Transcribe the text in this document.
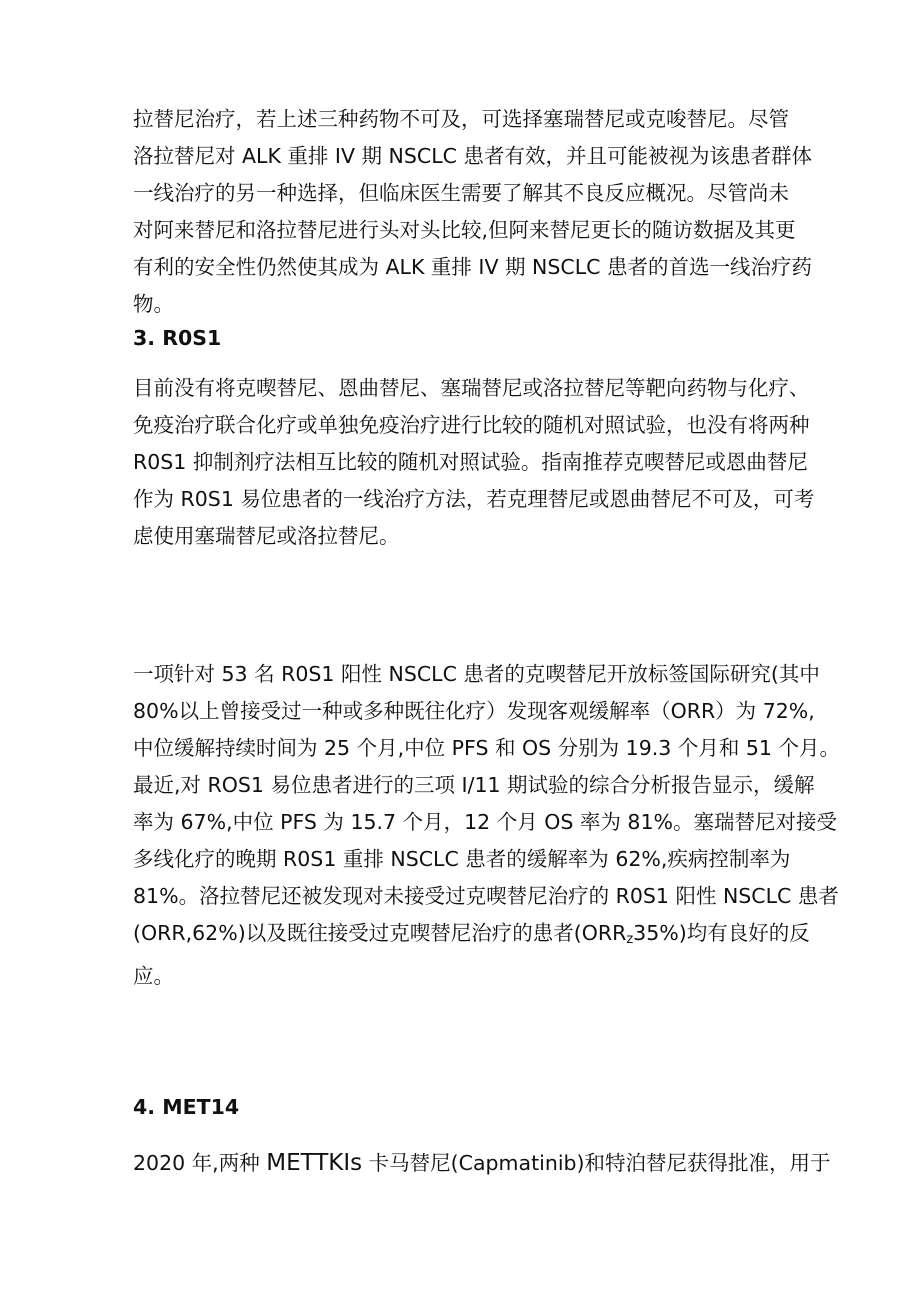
拉替尼治疗，若上述三种药物不可及，可选择塞瑞替尼或克唆替尼。尽管
洛拉替尼对 ALK 重排 IV 期 NSCLC 患者有效，并且可能被视为该患者群体
一线治疗的另一种选择，但临床医生需要了解其不良反应概况。尽管尚未
对阿来替尼和洛拉替尼进行头对头比较,但阿来替尼更长的随访数据及其更
有利的安全性仍然使其成为 ALK 重排 IV 期 NSCLC 患者的首选一线治疗药
物。
3. R0S1
目前没有将克喫替尼、恩曲替尼、塞瑞替尼或洛拉替尼等靶向药物与化疗、
免疫治疗联合化疗或单独免疫治疗进行比较的随机对照试验，也没有将两种
R0S1 抑制剂疗法相互比较的随机对照试验。指南推荐克喫替尼或恩曲替尼
作为 R0S1 易位患者的一线治疗方法，若克理替尼或恩曲替尼不可及，可考
虑使用塞瑞替尼或洛拉替尼。
一项针对 53 名 R0S1 阳性 NSCLC 患者的克喫替尼开放标签国际研究(其中
80%以上曾接受过一种或多种既往化疗）发现客观缓解率（ORR）为 72%,
中位缓解持续时间为 25 个月,中位 PFS 和 OS 分别为 19.3 个月和 51 个月。
最近,对 ROS1 易位患者进行的三项 I/11 期试验的综合分析报告显示，缓解
率为 67%,中位 PFS 为 15.7 个月，12 个月 OS 率为 81%。塞瑞替尼对接受
多线化疗的晚期 R0S1 重排 NSCLC 患者的缓解率为 62%,疾病控制率为
81%。洛拉替尼还被发现对未接受过克喫替尼治疗的 R0S1 阳性 NSCLC 患者
(ORR,62%)以及既往接受过克喫替尼治疗的患者$(ORR_z35\%)$均有良好的反
应。
4. MET14
2020 年,两种 METTKIs 卡马替尼(Capmatinib)和特泊替尼获得批准，用于
